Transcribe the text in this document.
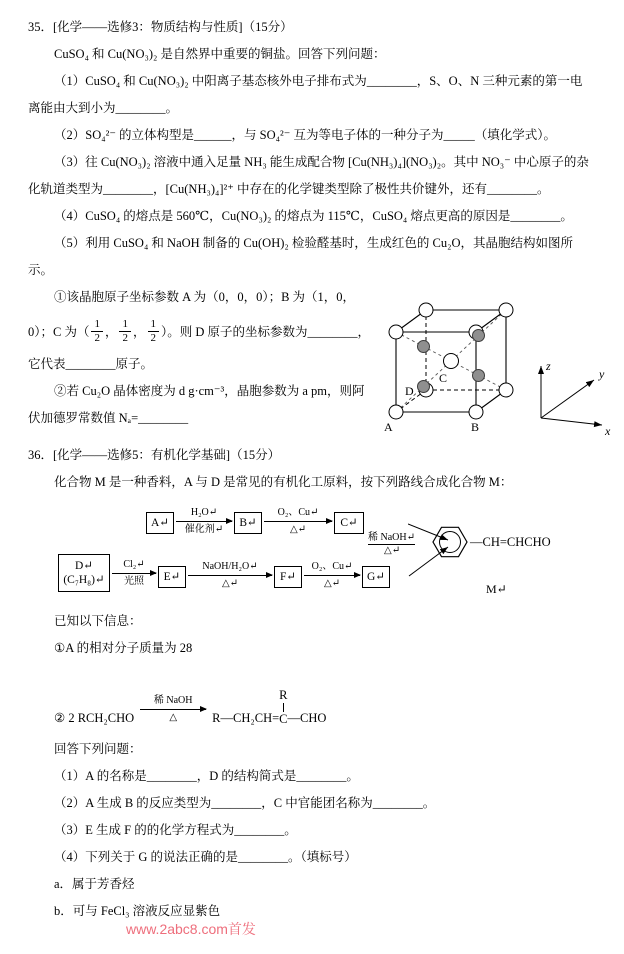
35．[化学——选修3：物质结构与性质]（15分）
CuSO₄ 和 Cu(NO₃)₂ 是自然界中重要的铜盐。回答下列问题：
（1）CuSO₄ 和 Cu(NO₃)₂ 中阳离子基态核外电子排布式为________，S、O、N 三种元素的第一电
离能由大到小为________。
（2）SO₄²⁻ 的立体构型是______，与 SO₄²⁻ 互为等电子体的一种分子为_____（填化学式）。
（3）往 Cu(NO₃)₂ 溶液中通入足量 NH₃ 能生成配合物 [Cu(NH₃)₄](NO₃)₂。其中 NO₃⁻ 中心原子的杂
化轨道类型为________，[Cu(NH₃)₄]²⁺ 中存在的化学键类型除了极性共价键外，还有________。
（4）CuSO₄ 的熔点是 560℃，Cu(NO₃)₂ 的熔点为 115℃，CuSO₄ 熔点更高的原因是________。
（5）利用 CuSO₄ 和 NaOH 制备的 Cu(OH)₂ 检验醛基时，生成红色的 Cu₂O，其晶胞结构如图所
示。
①该晶胞原子坐标参数 A 为（0，0，0）；B 为（1，0，
0）；C 为（ $\frac{1}{2}$ ， $\frac{1}{2}$ ， $\frac{1}{2}$ ）。则 D 原子的坐标参数为________，
它代表________原子。
②若 Cu₂O 晶体密度为 d g·cm⁻³，晶胞参数为 a pm，则阿
伏加德罗常数值 Nₐ=________
A	B
C
D
z
y
x
36．[化学——选修5：有机化学基础]（15分）
化合物 M 是一种香料，A 与 D 是常见的有机化工原料，按下列路线合成化合物 M：
A↵
H₂O↵
催化剂↵
B↵
O₂、Cu↵
△↵
C↵
D↵
(C₇H₈)↵
Cl₂↵
光照 E↵
NaOH/H₂O↵
△↵
F↵
O₂、Cu↵
△↵
G↵
稀 NaOH↵
△↵
—CH=CHCHO
M↵
已知以下信息：
①A 的相对分子质量为 28
② 2 RCH₂CHO
稀 NaOH
△	R—CH₂CH=
R
C —CHO
回答下列问题：
（1）A 的名称是________，D 的结构简式是________。
（2）A 生成 B 的反应类型为________，C 中官能团名称为________。
（3）E 生成 F 的的化学方程式为________。
（4）下列关于 G 的说法正确的是________。（填标号）
a．属于芳香烃
b．可与 FeCl₃ 溶液反应显紫色
www.2abc8.com首发
